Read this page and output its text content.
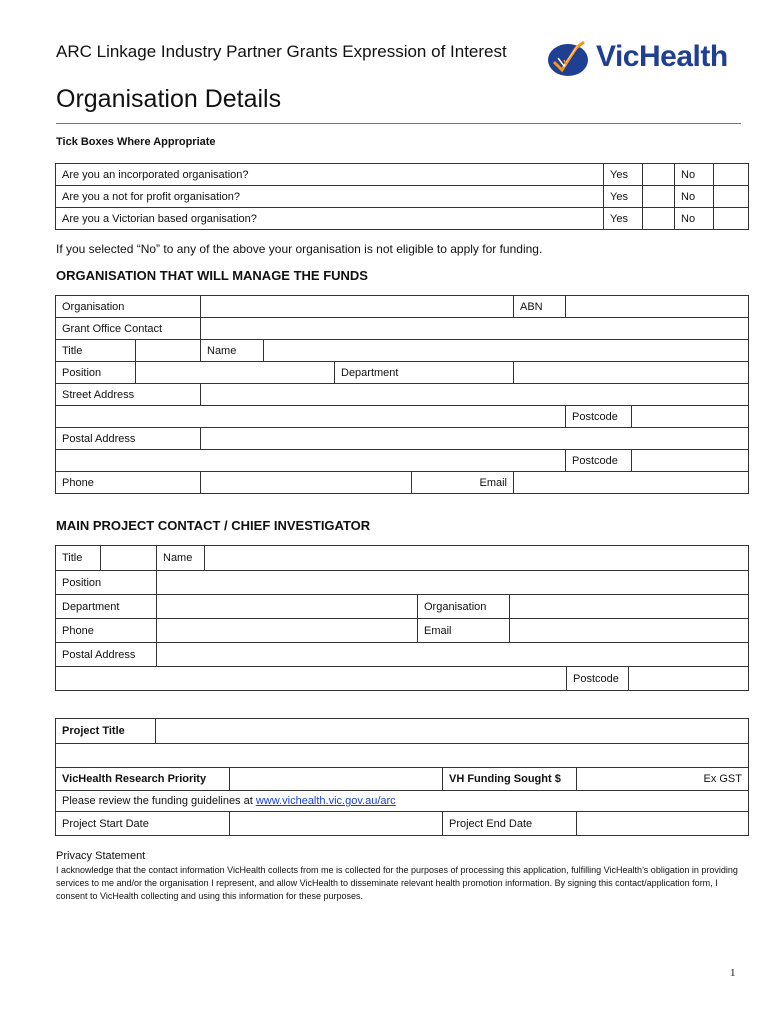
ARC Linkage Industry Partner Grants Expression of Interest	VicHealth
Organisation Details
Tick Boxes Where Appropriate
Are you an incorporated organisation?	Yes		No	
Are you a not for profit organisation?	Yes		No	
Are you a Victorian based organisation?	Yes		No	
If you selected “No” to any of the above your organisation is not eligible to apply for funding.
ORGANISATION THAT WILL MANAGE THE FUNDS
Organisation						ABN		
Grant Office Contact								
Title		Name						
Position				Department				
Street Address								
							Postcode	
Postal Address								
							Postcode	
Phone					Email			
MAIN PROJECT CONTACT / CHIEF INVESTIGATOR
Title		Name					
Position							
Department				Organisation			
Phone				Email			
Postal Address							
						Postcode	
Project Title				

VicHealth Research Priority			VH Funding Sought $	Ex GST
Please review the funding guidelines at www.vichealth.vic.gov.au/arc				
Project Start Date			Project End Date	
Privacy Statement
I acknowledge that the contact information VicHealth collects from me is collected for the purposes of processing this application, fulfilling VicHealth’s obligation in providing services to me and/or the organisation I represent, and allow VicHealth to disseminate relevant health promotion information. By signing this contact/application form, I consent to VicHealth collecting and using this information for these purposes.
1
